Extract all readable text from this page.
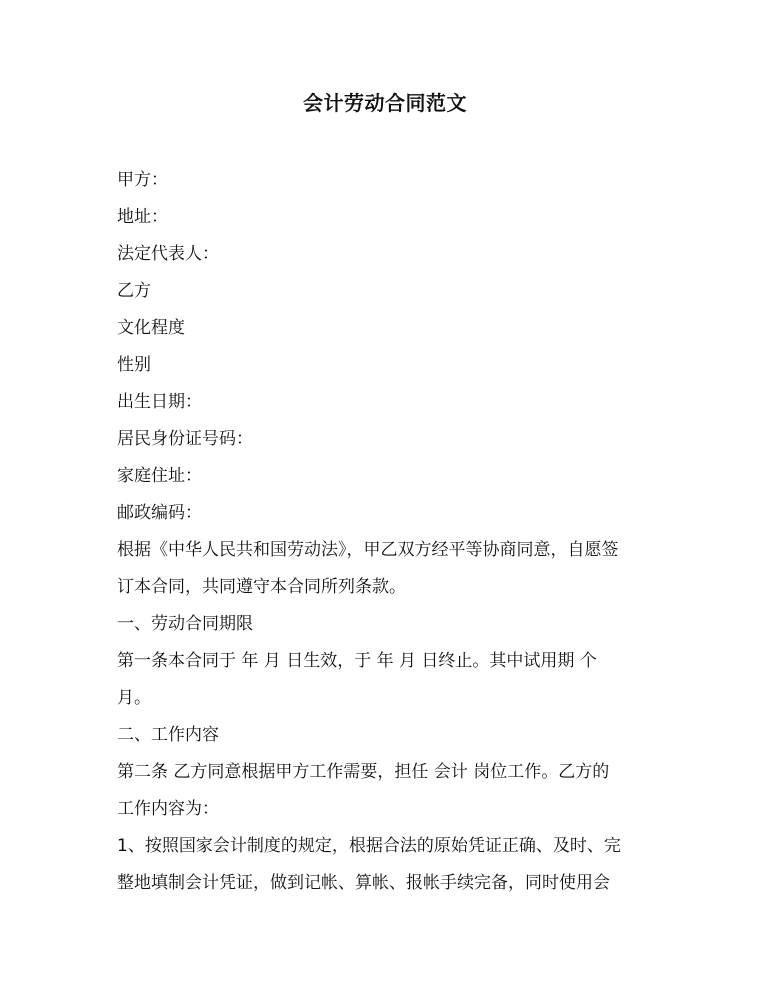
会计劳动合同范文
甲方：
地址：
法定代表人：
乙方
文化程度
性别
出生日期：
居民身份证号码：
家庭住址：
邮政编码：
根据《中华人民共和国劳动法》，甲乙双方经平等协商同意，自愿签
订本合同，共同遵守本合同所列条款。
一、劳动合同期限
第一条本合同于 年 月 日生效，于 年 月 日终止。其中试用期 个
月。
二、工作内容
第二条 乙方同意根据甲方工作需要，担任 会计 岗位工作。乙方的
工作内容为：
1、按照国家会计制度的规定，根据合法的原始凭证正确、及时、完
整地填制会计凭证，做到记帐、算帐、报帐手续完备，同时使用会
